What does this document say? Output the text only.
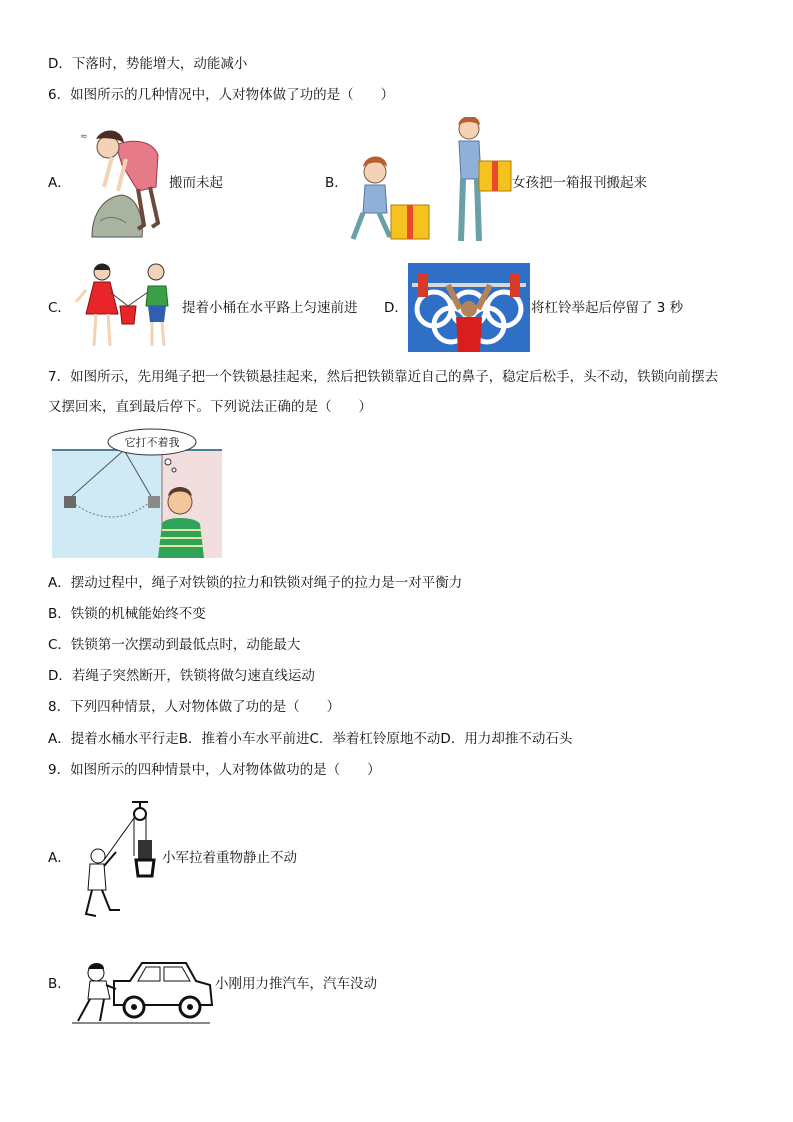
D．下落时，势能增大，动能减小
6．如图所示的几种情况中，人对物体做了功的是（　　）
A．
≈
搬而未起	B．	女孩把一箱报刊搬起来
C．	提着小桶在水平路上匀速前进 D．	将杠铃举起后停留了 3 秒
7．如图所示，先用绳子把一个铁锁悬挂起来，然后把铁锁靠近自己的鼻子，稳定后松手，头不动，铁锁向前摆去
又摆回来，直到最后停下。下列说法正确的是（　　）
它打不着我
A．摆动过程中，绳子对铁锁的拉力和铁锁对绳子的拉力是一对平衡力
B．铁锁的机械能始终不变
C．铁锁第一次摆动到最低点时，动能最大
D．若绳子突然断开，铁锁将做匀速直线运动
8．下列四种情景，人对物体做了功的是（　　）
A．提着水桶水平行走B．推着小车水平前进C．举着杠铃原地不动D．用力却推不动石头
9．如图所示的四种情景中，人对物体做功的是（　　）
A．	小军拉着重物静止不动
B．	小刚用力推汽车，汽车没动
